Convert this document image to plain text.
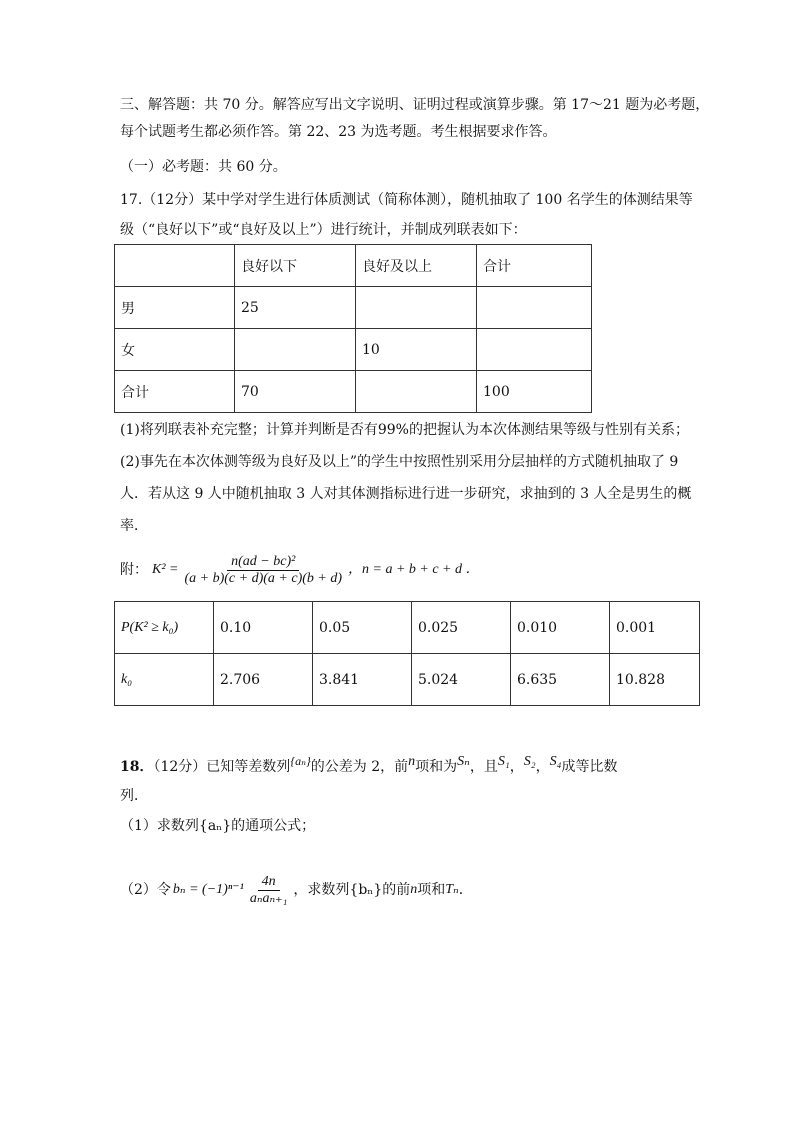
三、解答题：共 70 分。解答应写出文字说明、证明过程或演算步骤。第 17～21 题为必考题，
每个试题考生都必须作答。第 22、23 为选考题。考生根据要求作答。
（一）必考题：共 60 分。
17.（12分）某中学对学生进行体质测试（简称体测），随机抽取了 100 名学生的体测结果等
级（“良好以下”或“良好及以上”）进行统计，并制成列联表如下：
	良好以下	良好及以上	合计
男	25		
女		10	
合计	70		100
(1)将列联表补充完整；计算并判断是否有99%的把握认为本次体测结果等级与性别有关系；
(2)事先在本次体测等级为良好及以上”的学生中按照性别采用分层抽样的方式随机抽取了 9
人．若从这 9 人中随机抽取 3 人对其体测指标进行进一步研究，求抽到的 3 人全是男生的概
率．
附： $K^2 = \frac{\text{n(ad − bc)²}}{(a + b)(c + d)(a + c)(b + d)}$ ，n = a + b + c + d ．
P(K² ≥ k₀)	0.10	0.05	0.025	0.010	0.001
k₀	2.706	3.841	5.024	6.635	10.828
18．（12分）已知等差数列{aₙ}的公差为 2，前n项和为Sₙ，且S₁，S₂，S₄成等比数
列．
（1）求数列{aₙ}的通项公式；
（2）令 $b_n = (-1)^{n-1} \frac{4n}{\text{aₙaₙ₊₁}}$ ，求数列{bₙ}的前 n 项和 Tₙ ．
